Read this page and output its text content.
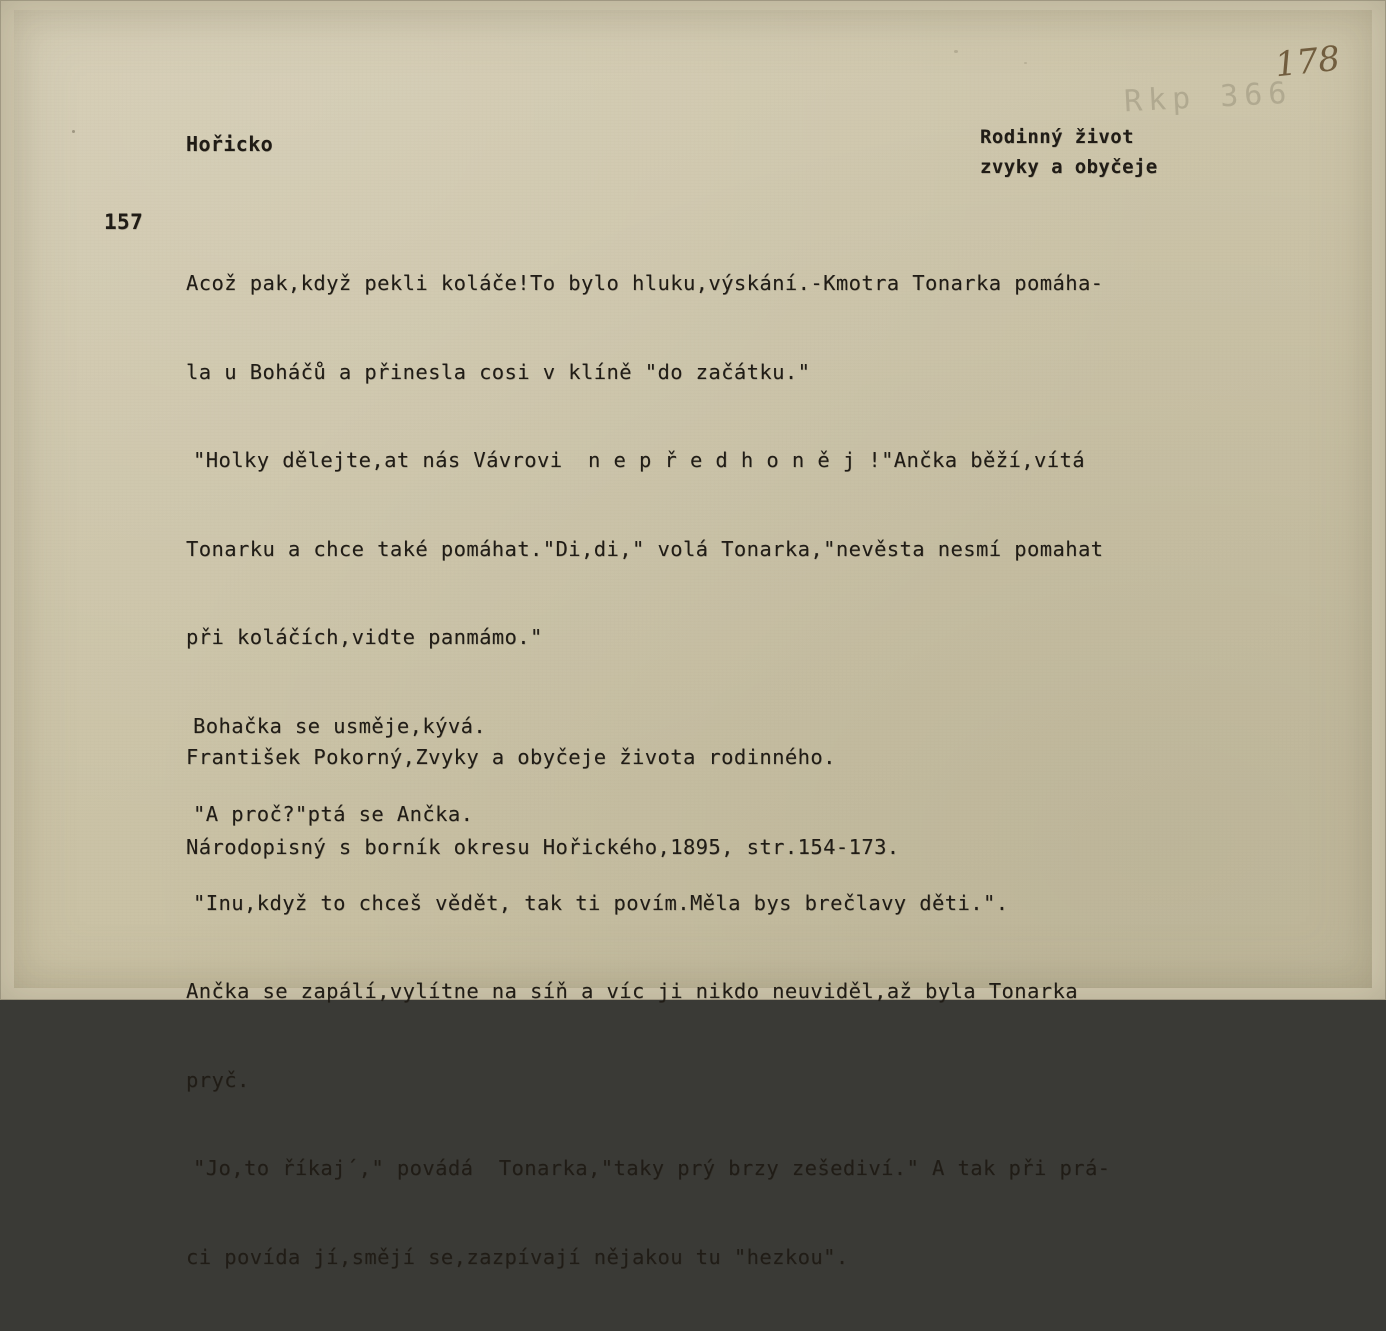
Rkp 366
178

Rodinný život
zvyky a obyčeje

Hořicko
157

Acož pak,když pekli koláče!To bylo hluku,výskání.-Kmotra Tonarka pomáha-

la u Boháčů a přinesla cosi v klíně "do začátku."

"Holky dělejte,at nás Vávrovi  n e p ř e d h o n ě j !"Ančka běží,vítá

Tonarku a chce také pomáhat."Di,di," volá Tonarka,"nevěsta nesmí pomahat

při koláčích,vidte panmámo."

Bohačka se usměje,kývá.

"A proč?"ptá se Ančka.

"Inu,když to chceš vědět, tak ti povím.Měla bys brečlavy děti.".

Ančka se zapálí,vylítne na síň a víc ji nikdo neuviděl,až byla Tonarka

pryč.

"Jo,to říkaj´," povádá  Tonarka,"taky prý brzy zešediví." A tak při prá-

ci povída jí,smějí se,zazpívají nějakou tu "hezkou".

František Pokorný,Zvyky a obyčeje života rodinného.

Národopisný s borník okresu Hořického,1895, str.154-173.
